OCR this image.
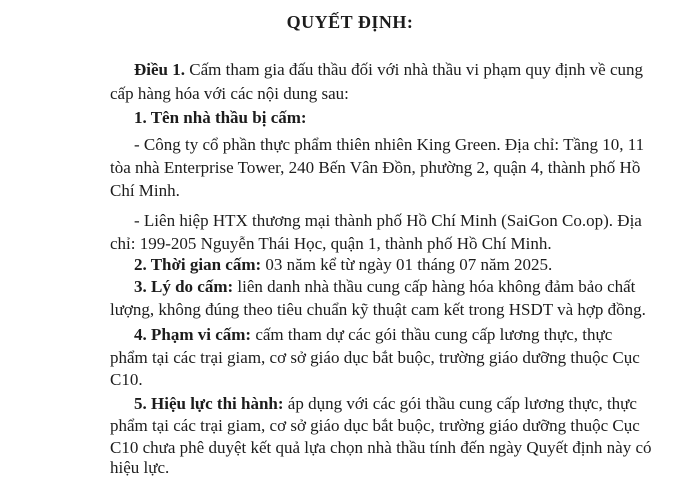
QUYẾT ĐỊNH:
Điều 1. Cấm tham gia đấu thầu đối với nhà thầu vi phạm quy định về cung
cấp hàng hóa với các nội dung sau:
1. Tên nhà thầu bị cấm:
- Công ty cổ phần thực phẩm thiên nhiên King Green. Địa chỉ: Tầng 10, 11
tòa nhà Enterprise Tower, 240 Bến Vân Đồn, phường 2, quận 4, thành phố Hồ
Chí Minh.
- Liên hiệp HTX thương mại thành phố Hồ Chí Minh (SaiGon Co.op). Địa
chỉ: 199-205 Nguyễn Thái Học, quận 1, thành phố Hồ Chí Minh.
2. Thời gian cấm: 03 năm kể từ ngày 01 tháng 07 năm 2025.
3. Lý do cấm: liên danh nhà thầu cung cấp hàng hóa không đảm bảo chất
lượng, không đúng theo tiêu chuẩn kỹ thuật cam kết trong HSDT và hợp đồng.
4. Phạm vi cấm: cấm tham dự các gói thầu cung cấp lương thực, thực
phẩm tại các trại giam, cơ sở giáo dục bắt buộc, trường giáo dưỡng thuộc Cục
C10.
5. Hiệu lực thi hành: áp dụng với các gói thầu cung cấp lương thực, thực
phẩm tại các trại giam, cơ sở giáo dục bắt buộc, trường giáo dưỡng thuộc Cục
C10 chưa phê duyệt kết quả lựa chọn nhà thầu tính đến ngày Quyết định này có
hiệu lực.
